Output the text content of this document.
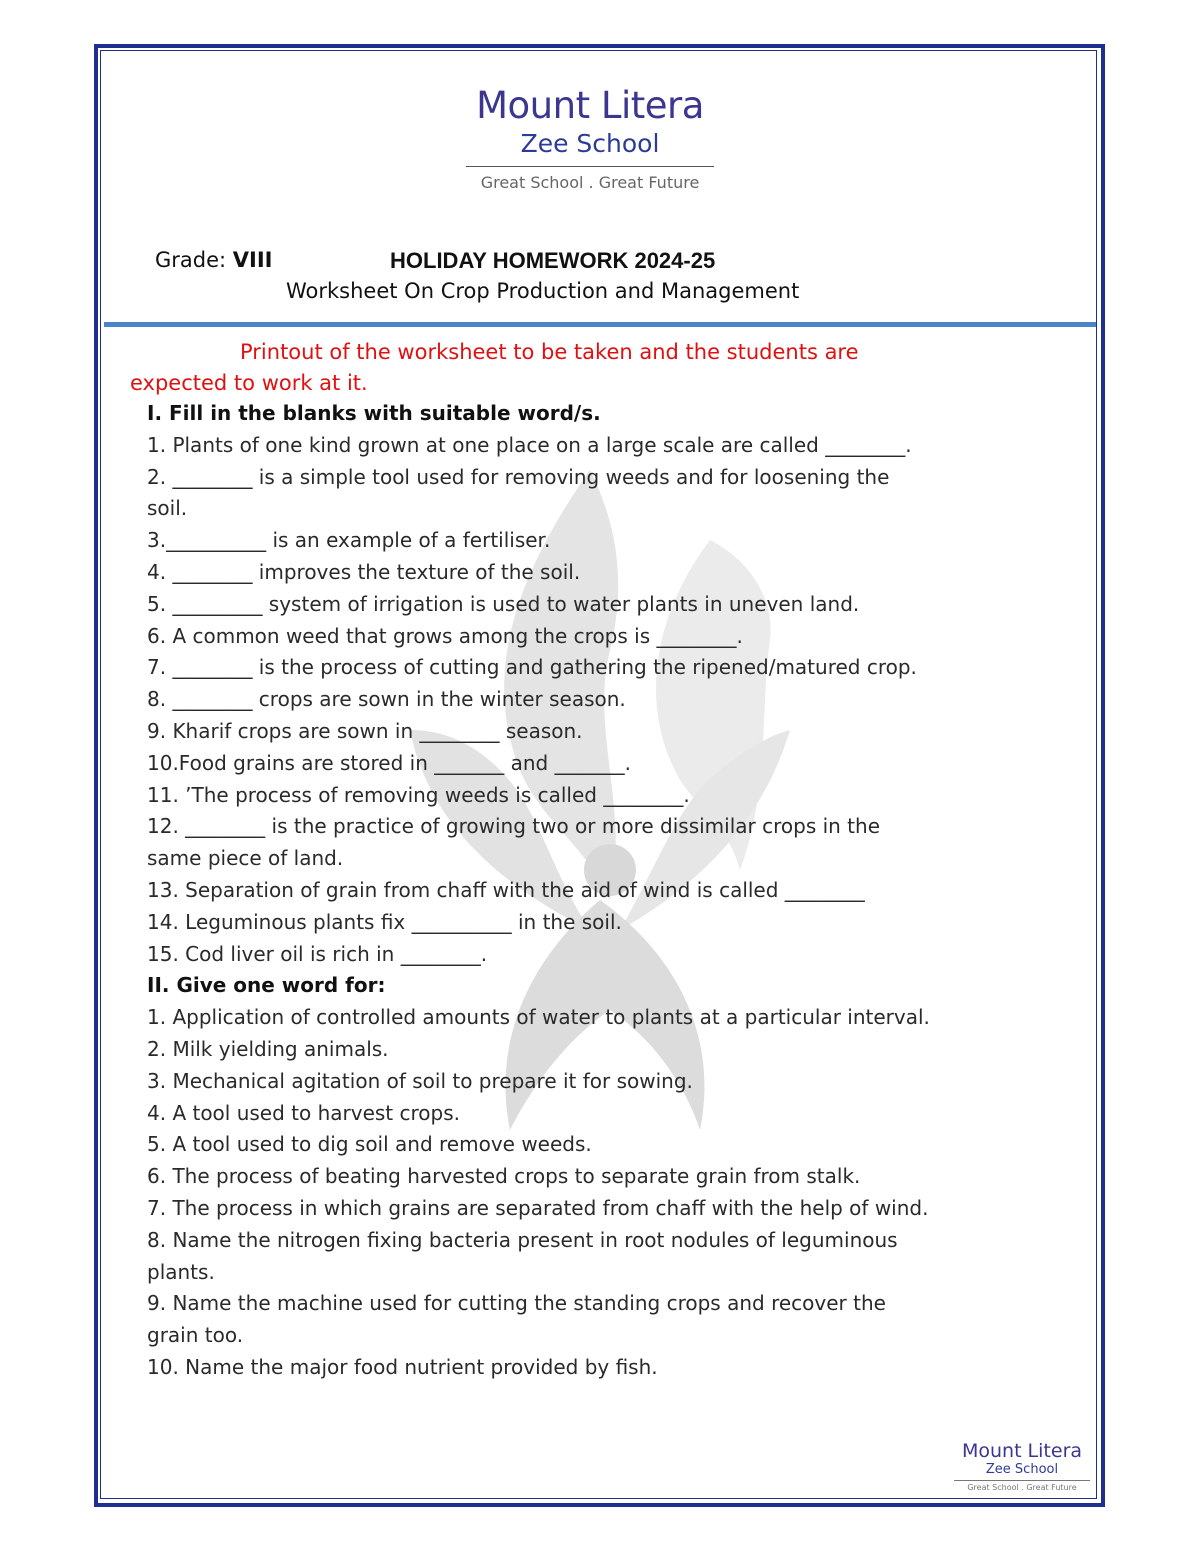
Mount Litera
Zee School
Great School . Great Future
Grade: VIII	HOLIDAY HOMEWORK 2024-25
Worksheet On Crop Production and Management
Printout of the worksheet to be taken and the students are
expected to work at it.
I. Fill in the blanks with suitable word/s.
1. Plants of one kind grown at one place on a large scale are called ________.
2. ________ is a simple tool used for removing weeds and for loosening the
soil.
3.__________ is an example of a fertiliser.
4. ________ improves the texture of the soil.
5. _________ system of irrigation is used to water plants in uneven land.
6. A common weed that grows among the crops is ________.
7. ________ is the process of cutting and gathering the ripened/matured crop.
8. ________ crops are sown in the winter season.
9. Kharif crops are sown in ________ season.
10.Food grains are stored in _______ and _______.
11. ’The process of removing weeds is called ________.
12. ________ is the practice of growing two or more dissimilar crops in the
same piece of land.
13. Separation of grain from chaff with the aid of wind is called ________
14. Leguminous plants fix __________ in the soil.
15. Cod liver oil is rich in ________.
II. Give one word for:
1. Application of controlled amounts of water to plants at a particular interval.
2. Milk yielding animals.
3. Mechanical agitation of soil to prepare it for sowing.
4. A tool used to harvest crops.
5. A tool used to dig soil and remove weeds.
6. The process of beating harvested crops to separate grain from stalk.
7. The process in which grains are separated from chaff with the help of wind.
8. Name the nitrogen fixing bacteria present in root nodules of leguminous
plants.
9. Name the machine used for cutting the standing crops and recover the
grain too.
10. Name the major food nutrient provided by fish.
Mount Litera
Zee School
Great School . Great Future
